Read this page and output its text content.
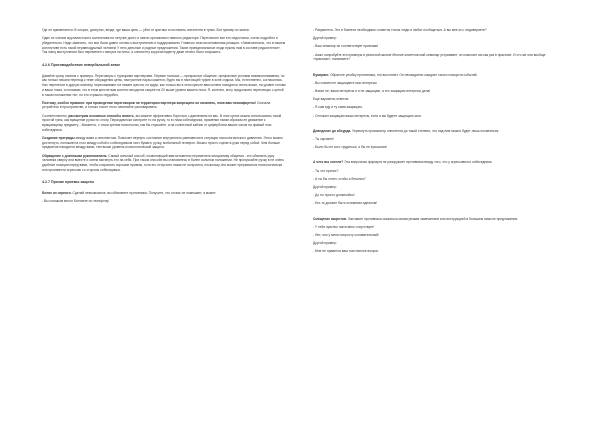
Где он применяется. В спорах, диспутах, везде, где ваша цель — уйти от критики и поставить оппонента в тупик. Вот пример из жизни.

Один из членов журналистского коллектива на летучке долго и смело критиковал главного редактора. Перечислил все его недостатки, очень подробно и убедительно. Надо заметить, что все были давно готовы к выступлению и поддерживали. Главного спасла мгновенная реакция: «Замечательно, что в нашем коллективе есть такой неравнодушный человек! У него дельные и родные предложения. Такие принципиальные люди нужны нам в составе редколлегии». Так лжец выступления был переменен с минуса на плюс, а оппоненту корреспонденту даже нечего было возразить.

4.2.6 Противодействие невербальной атаке

Давайте сразу начнем с примера. Переговоры с турецкими партнерами. Первые полчаса — прекрасное общение, прекрасные условия взаимопонимания, но как только начали переход к теме обсуждения цены, настроение паузы кажется, будто вы в настоящей туфле в зоне отдыха. Мы, естественно, согласились. Нас перенесли в другую комнату, пересаживают на низкие кресла, но вдруг, как только вы в этом кресле вам колени находятся очень выше, на уровне головы и ваши глаза, и понимаю, что в этом кресле вам колени находятся скорее на 20 выше уровня вашего носа. Я, конечно, могу продолжать переговоры с ценой в таком положении тел, но это страшно неудобно.

Поэтому, особое правило: при проведении переговоров на территории партнера запрещено их начинать, пока вам некомфортно! Сначала устройтесь в пространстве, и только после этого начинайте разговаривать.

Соответственно, рассмотрим основные способы влиять, вы можете эффективно бороться с давлением на вас. В этих целях можно использовать такой простой трюк, как вращение ручки по столу. Периодически смотрите то на ручку, то в глаза собеседника, применяя таким образом ее движение к вращающему предмету... Моменты, с точки зрения психологии, как бы слушайте, а на солнечный зайчик от циферблата ваших часов на правый глаз собеседника.

Создание преграды между вами и оппонентом. Помогает вернуть состояние внутреннего равновесия в ситуации психологического давления. Этого можно достигнуть, положив на стол между собой и собеседником лист бумаги, ручку, мобильный телефон. Можно просто сцепить руки перед собой. Чем больше предметов находится между вами, тем выше уровень психологической защиты.

Обращение с длинными рукопожатием. Самый сильный способ, позволяющий вам мгновенно переменять инициативу общения - это обвинить руку человека сверху или вместе и затем вытянуть его на себя. При таком способе вы становитесь в более сильном положении. Не пропускайте ручку в не очень удобные позиции перед вами, чтобы сохранить хорошие приемы, хотя его отпустить никак не получится, поскольку оно может прерываться психологически или произвести агрессию со стороны собеседника.

4.2.7 Прочие приемы защиты

Белое из черного. Сделай невозможное, вы обвиняете противника. Получите, что он вас не помешает, а может:

- Вы слишком много болтаете по телефону!

- Разумеется. Это в бизнесе необходимо: клиенты точны люди и любят пообщаться. А вы мне кто, недоверяете?

Другой пример:

- Ваш семинар не соответствует признаки!

- Аяжо попробуйте эти примеры в реальной жизни! Многие клиентов мой семинар устраивает, он помогает им как раз в практике. И что же они вообще «практики», понимаете?

Бумеранг. Обратите улыбку противника, это восстанет. Он неожиданно ожидает такого поворота событий.

- Вы совсем не защищаете мои интересы

- Вовсе не, ваши интересы и я не защищаю, а это защищаю интересы дела!

Еще варианты ответов:

- Я сам еду и ту сама защищать.

- Отложил защищаю ваши интересы, если и вы будете защищать мои.

Доведение до абсурда. Упрекнуть провокатор оппонента до такой степени, что над ним можно будет лишь посмеяться.

- Ты скромен!

- Было бы не кого трудиться, я бы не ерошился!

А чего вы хотели? Эта вопросная формула не разоружает противника ввиду того, что у агрессивного собеседника.

- Ты что притих?

- А ты бы хотел, чтобы я бесился?

Другой пример:

- До ты просто донкихойко!

- Кто-то должен быть основным идеалом!

Смещение акцентов. Заставьте противника оказаться своим резким замечанием или инструкцией в большем смысле предложения.

- У тебя чувство такта явно отсутствует!

- Нет, оно у меня попросту основательный!

Другой пример:

- Мне не нравится ваш постоянное вопрос.
